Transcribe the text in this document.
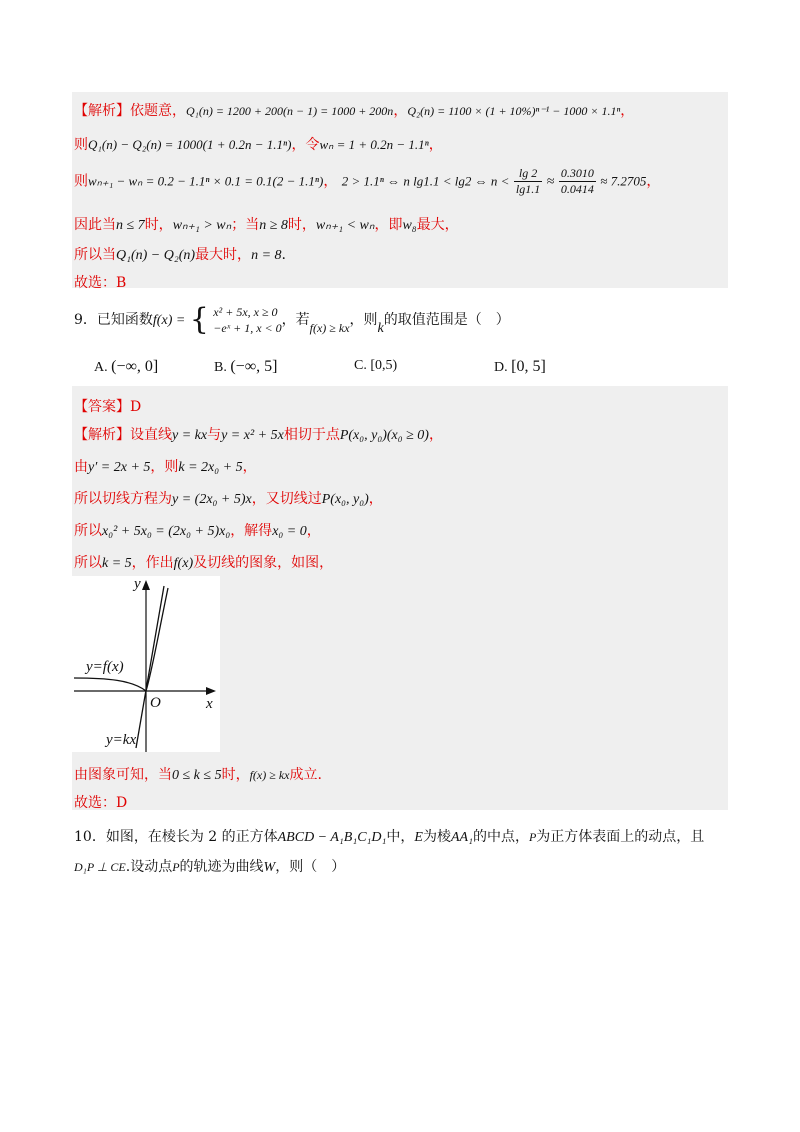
【解析】依题意，Q₁(n) = 1200 + 200(n − 1) = 1000 + 200n，Q₂(n) = 1100 × (1 + 10%)ⁿ⁻¹ − 1000 × 1.1ⁿ，
则Q₁(n) − Q₂(n) = 1000(1 + 0.2n − 1.1ⁿ)，令wₙ = 1 + 0.2n − 1.1ⁿ，
则wₙ₊₁ − wₙ = 0.2 − 1.1ⁿ × 0.1 = 0.1(2 − 1.1ⁿ)， 2 > 1.1ⁿ ⇔ n lg1.1 < lg2 ⇔ $n < \frac{\lg 2}{\lg 1.1} \approx \frac{0.3010}{0.0414} \approx 7.2705$，
因此当n ≤ 7时，wₙ₊₁ > wₙ；当n ≥ 8时，wₙ₊₁ < wₙ，即w₈最大，
所以当Q₁(n) − Q₂(n)最大时，n = 8.
故选：B
9．已知函数f(x) = { x² + 5x, x ≥ 0
−eˣ + 1, x < 0 ，若f(x) ≥ kx，则k的取值范围是（　）
A. (−∞, 0]	B. (−∞, 5]	C. [0,5)	D. [0, 5]
【答案】D
【解析】设直线y = kx与y = x² + 5x相切于点P(x₀, y₀)(x₀ ≥ 0)，
由y′ = 2x + 5，则k = 2x₀ + 5，
所以切线方程为y = (2x₀ + 5)x，又切线过P(x₀, y₀)，
所以x₀² + 5x₀ = (2x₀ + 5)x₀，解得x₀ = 0，
所以k = 5，作出f(x)及切线的图象，如图，
y=f(x)
y=kx
O	x
y
由图象可知，当0 ≤ k ≤ 5时，f(x) ≥ kx成立.
故选：D
10．如图，在棱长为 2 的正方体ABCD − A₁B₁C₁D₁中，E为棱AA₁的中点，P为正方体表面上的动点，且
D₁P ⊥ CE.设动点P的轨迹为曲线W，则（　）
